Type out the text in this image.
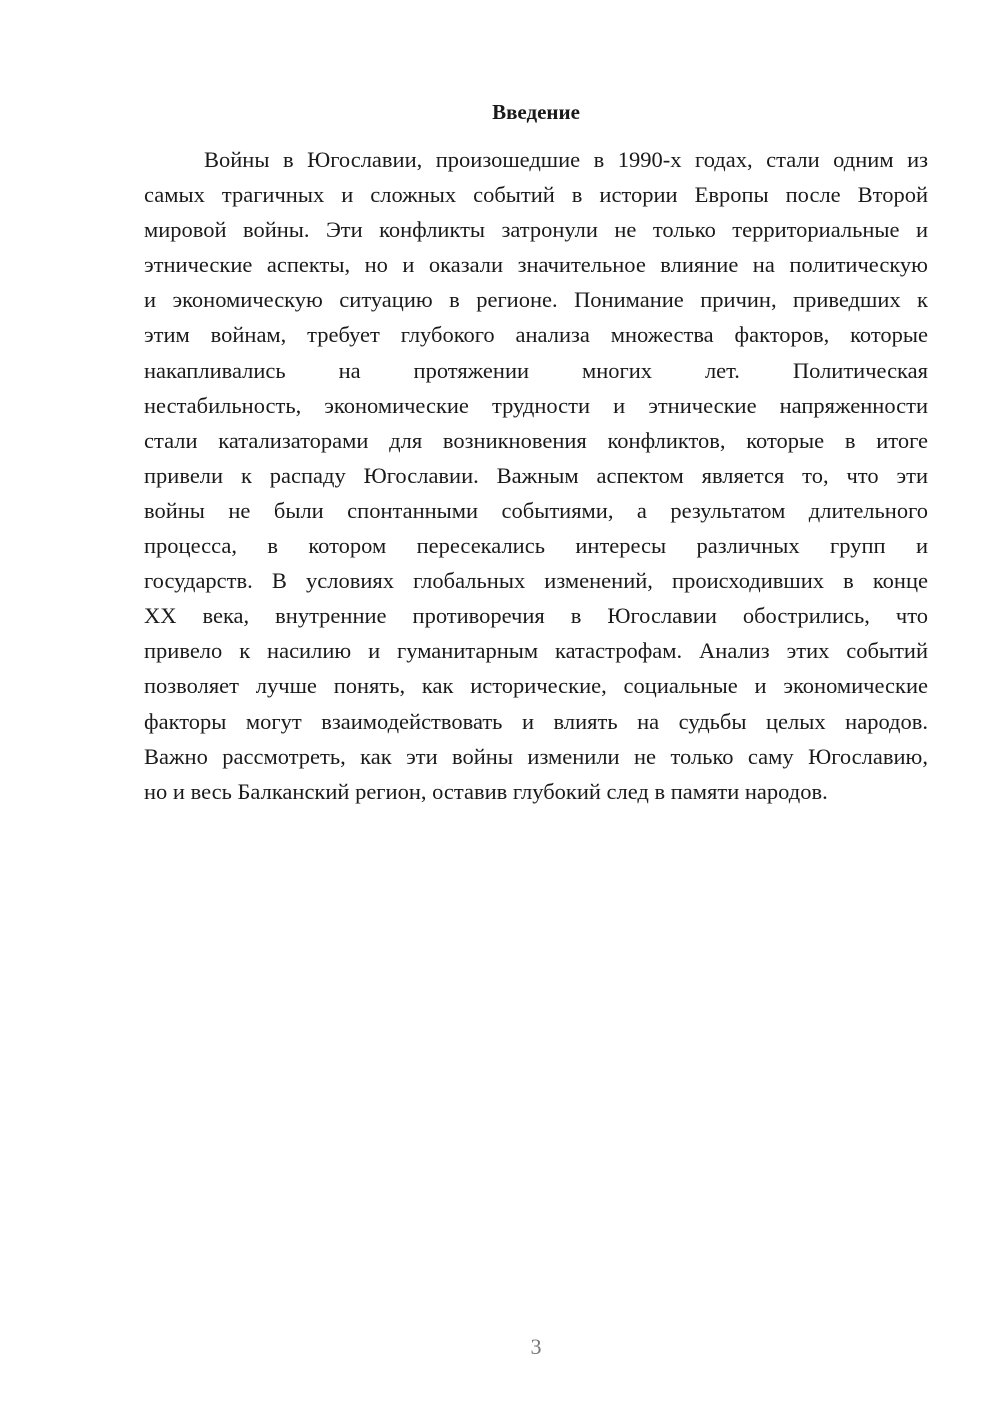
Введение
Войны в Югославии, произошедшие в 1990-х годах, стали одним из
самых трагичных и сложных событий в истории Европы после Второй
мировой войны. Эти конфликты затронули не только территориальные и
этнические аспекты, но и оказали значительное влияние на политическую
и экономическую ситуацию в регионе. Понимание причин, приведших к
этим войнам, требует глубокого анализа множества факторов, которые
накапливались на протяжении многих лет. Политическая
нестабильность, экономические трудности и этнические напряженности
стали катализаторами для возникновения конфликтов, которые в итоге
привели к распаду Югославии. Важным аспектом является то, что эти
войны не были спонтанными событиями, а результатом длительного
процесса, в котором пересекались интересы различных групп и
государств. В условиях глобальных изменений, происходивших в конце
XX века, внутренние противоречия в Югославии обострились, что
привело к насилию и гуманитарным катастрофам. Анализ этих событий
позволяет лучше понять, как исторические, социальные и экономические
факторы могут взаимодействовать и влиять на судьбы целых народов.
Важно рассмотреть, как эти войны изменили не только саму Югославию,
но и весь Балканский регион, оставив глубокий след в памяти народов.
3
